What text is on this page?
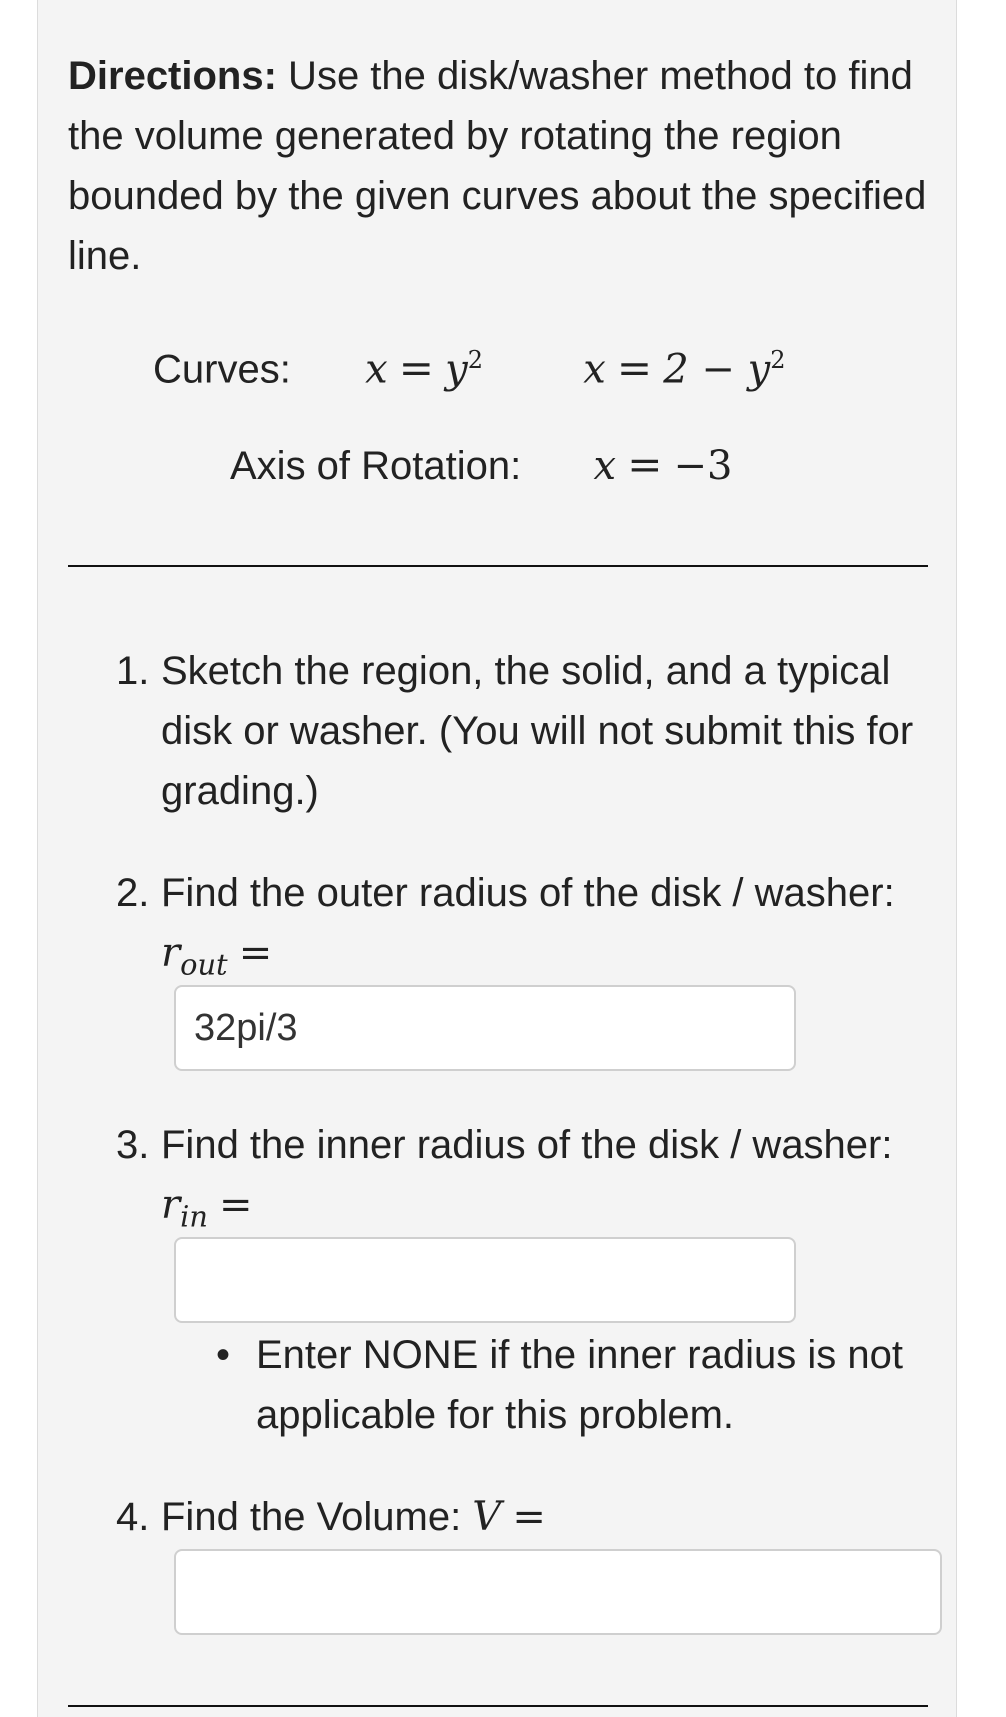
Directions: Use the disk/washer method to find the volume generated by rotating the region bounded by the given curves about the specified line.
Curves: $x = y^2$	$x = 2 - y^2$
Axis of Rotation: x = −3
1. Sketch the region, the solid, and a typical disk or washer. (You will not submit this for grading.)
2. Find the outer radius of the disk / washer: $r_{out}$ =
32pi/3
3. Find the inner radius of the disk / washer: $r_{in}$ =
• Enter NONE if the inner radius is not applicable for this problem.
4. Find the Volume: V =
